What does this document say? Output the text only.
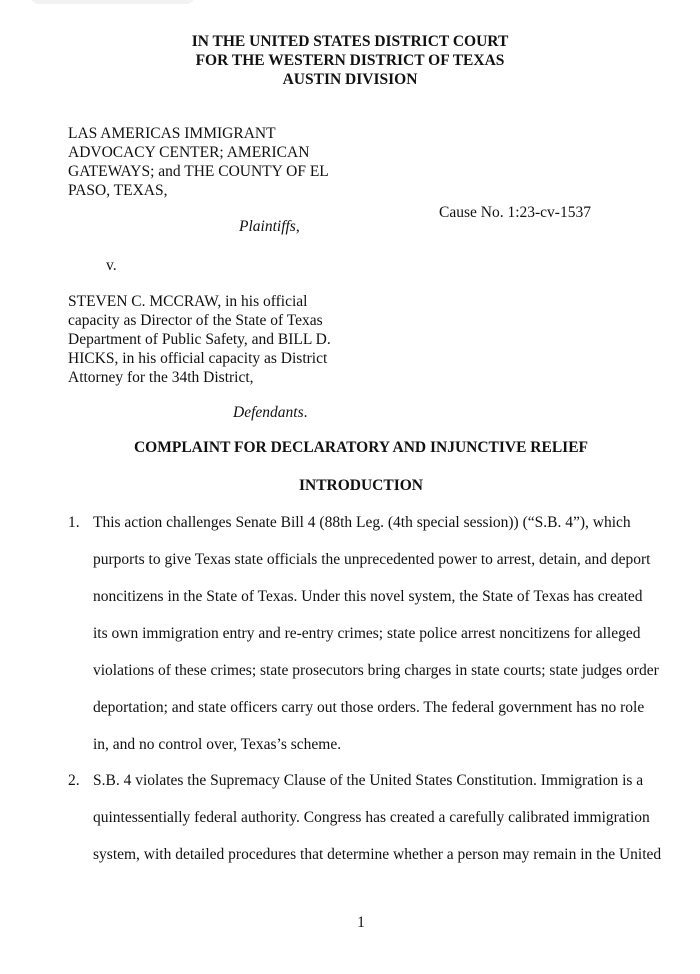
IN THE UNITED STATES DISTRICT COURT
FOR THE WESTERN DISTRICT OF TEXAS
AUSTIN DIVISION
LAS AMERICAS IMMIGRANT
ADVOCACY CENTER; AMERICAN
GATEWAYS; and THE COUNTY OF EL
PASO, TEXAS,
Plaintiffs,
Cause No. 1:23-cv-1537
v.
STEVEN C. MCCRAW, in his official
capacity as Director of the State of Texas
Department of Public Safety, and BILL D.
HICKS, in his official capacity as District
Attorney for the 34th District,
Defendants.
COMPLAINT FOR DECLARATORY AND INJUNCTIVE RELIEF
INTRODUCTION
1. This action challenges Senate Bill 4 (88th Leg. (4th special session)) (“S.B. 4”), which
purports to give Texas state officials the unprecedented power to arrest, detain, and deport
noncitizens in the State of Texas. Under this novel system, the State of Texas has created
its own immigration entry and re-entry crimes; state police arrest noncitizens for alleged
violations of these crimes; state prosecutors bring charges in state courts; state judges order
deportation; and state officers carry out those orders. The federal government has no role
in, and no control over, Texas’s scheme.
2. S.B. 4 violates the Supremacy Clause of the United States Constitution. Immigration is a
quintessentially federal authority. Congress has created a carefully calibrated immigration
system, with detailed procedures that determine whether a person may remain in the United
1
